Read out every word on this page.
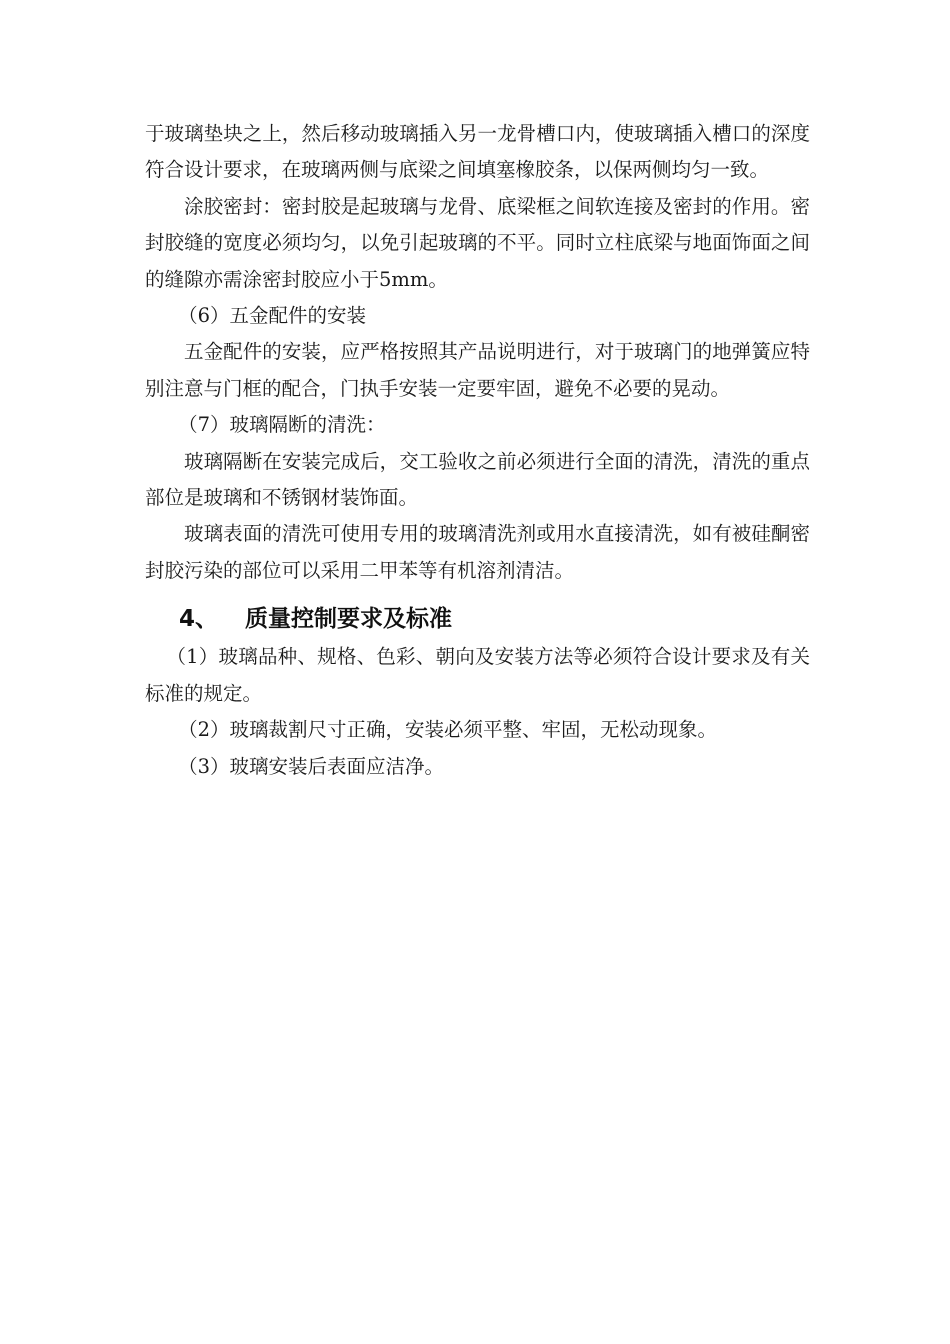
于玻璃垫块之上，然后移动玻璃插入另一龙骨槽口内，使玻璃插入槽口的深度符合设计要求，在玻璃两侧与底梁之间填塞橡胶条，以保两侧均匀一致。

涂胶密封：密封胶是起玻璃与龙骨、底梁框之间软连接及密封的作用。密封胶缝的宽度必须均匀，以免引起玻璃的不平。同时立柱底梁与地面饰面之间的缝隙亦需涂密封胶应小于5mm。

（6）五金配件的安装

五金配件的安装，应严格按照其产品说明进行，对于玻璃门的地弹簧应特别注意与门框的配合，门执手安装一定要牢固，避免不必要的晃动。

（7）玻璃隔断的清洗：

玻璃隔断在安装完成后，交工验收之前必须进行全面的清洗，清洗的重点部位是玻璃和不锈钢材装饰面。

玻璃表面的清洗可使用专用的玻璃清洗剂或用水直接清洗，如有被硅酮密封胶污染的部位可以采用二甲苯等有机溶剂清洁。

4、 质量控制要求及标准

（1）玻璃品种、规格、色彩、朝向及安装方法等必须符合设计要求及有关标准的规定。

（2）玻璃裁割尺寸正确，安装必须平整、牢固，无松动现象。

（3）玻璃安装后表面应洁净。
